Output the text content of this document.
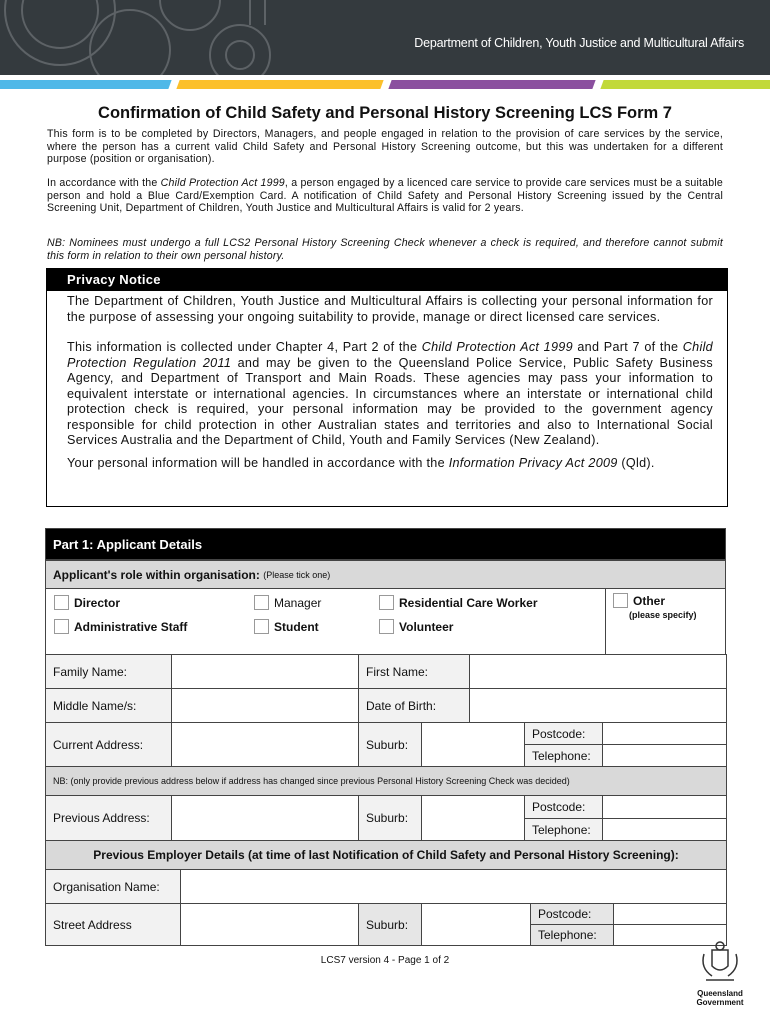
Department of Children, Youth Justice and Multicultural Affairs
Confirmation of Child Safety and Personal History Screening LCS Form 7
This form is to be completed by Directors, Managers, and people engaged in relation to the provision of care services by the service, where the person has a current valid Child Safety and Personal History Screening outcome, but this was undertaken for a different purpose (position or organisation).
In accordance with the Child Protection Act 1999, a person engaged by a licenced care service to provide care services must be a suitable person and hold a Blue Card/Exemption Card. A notification of Child Safety and Personal History Screening issued by the Central Screening Unit, Department of Children, Youth Justice and Multicultural Affairs is valid for 2 years.
NB: Nominees must undergo a full LCS2 Personal History Screening Check whenever a check is required, and therefore cannot submit this form in relation to their own personal history.
Privacy Notice

The Department of Children, Youth Justice and Multicultural Affairs is collecting your personal information for the purpose of assessing your ongoing suitability to provide, manage or direct licensed care services.

This information is collected under Chapter 4, Part 2 of the Child Protection Act 1999 and Part 7 of the Child Protection Regulation 2011 and may be given to the Queensland Police Service, Public Safety Business Agency, and Department of Transport and Main Roads. These agencies may pass your information to equivalent interstate or international agencies. In circumstances where an interstate or international child protection check is required, your personal information may be provided to the government agency responsible for child protection in other Australian states and territories and also to International Social Services Australia and the Department of Child, Youth and Family Services (New Zealand).

Your personal information will be handled in accordance with the Information Privacy Act 2009 (Qld).

Part 1: Applicant Details
Applicant's role within organisation:
(Please tick one)
Director	Manager	Residential Care Worker
Administrative Staff	Student	Volunteer
Other
(please specify)
Family Name:	First Name:
Middle Name/s:	Date of Birth:
Current Address:	Suburb:
Postcode:
Telephone:
NB: (only provide previous address below if address has changed since previous Personal History Screening Check was decided)
Previous Address:	Suburb:
Postcode:
Telephone:
Previous Employer Details (at time of last Notification of Child Safety and Personal History Screening):
Organisation Name:
Street Address	Suburb:
Postcode:
Telephone:
LCS7 version 4 - Page 1 of 2
Queensland
Government
